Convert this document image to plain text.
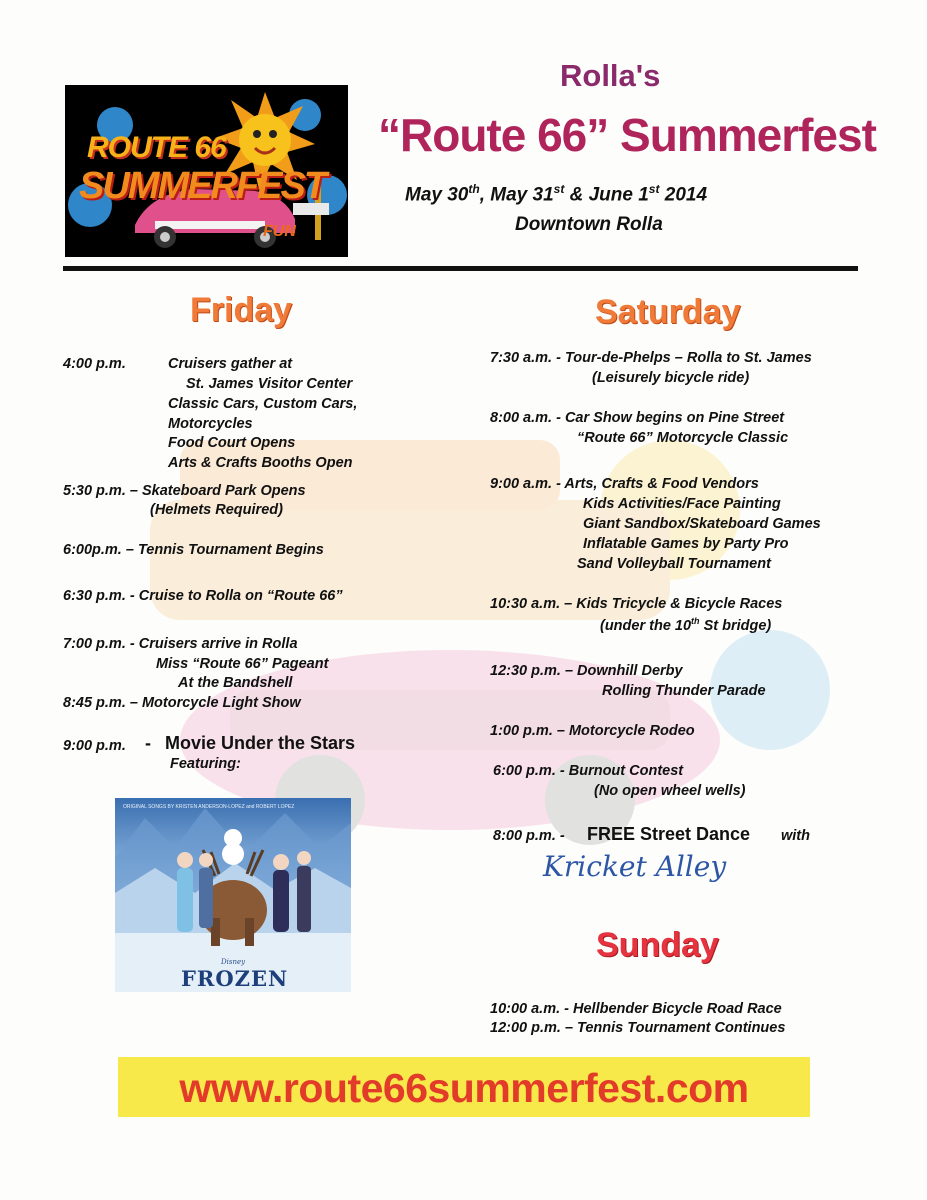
ROUTE 66
SUMMERFEST
FUN
Rolla's
“Route 66” Summerfest
May 30th, May 31st & June 1st 2014
Downtown Rolla
Friday
4:00 p.m.	Cruisers gather at
St. James Visitor Center
Classic Cars, Custom Cars,
Motorcycles
Food Court Opens
Arts & Crafts Booths Open
5:30 p.m. – Skateboard Park Opens
(Helmets Required)
6:00p.m. – Tennis Tournament Begins
6:30 p.m. - Cruise to Rolla on “Route 66”
7:00 p.m. - Cruisers arrive in Rolla
Miss “Route 66” Pageant
At the Bandshell
8:45 p.m. – Motorcycle Light Show
9:00 p.m. - Movie Under the Stars
Featuring:
ORIGINAL SONGS BY KRISTEN ANDERSON-LOPEZ and ROBERT LOPEZ
Disney
FROZEN
Saturday
7:30 a.m. - Tour-de-Phelps – Rolla to St. James
(Leisurely bicycle ride)
8:00 a.m. - Car Show begins on Pine Street
“Route 66” Motorcycle Classic
9:00 a.m. - Arts, Crafts & Food Vendors
Kids Activities/Face Painting
Giant Sandbox/Skateboard Games
Inflatable Games by Party Pro
Sand Volleyball Tournament
10:30 a.m. – Kids Tricycle & Bicycle Races
(under the 10th St bridge)
12:30 p.m. – Downhill Derby
Rolling Thunder Parade
1:00 p.m. – Motorcycle Rodeo
6:00 p.m. - Burnout Contest
(No open wheel wells)
8:00 p.m. - FREE Street Dance with
Kricket Alley
Sunday
10:00 a.m. - Hellbender Bicycle Road Race
12:00 p.m. – Tennis Tournament Continues
www.route66summerfest.com
